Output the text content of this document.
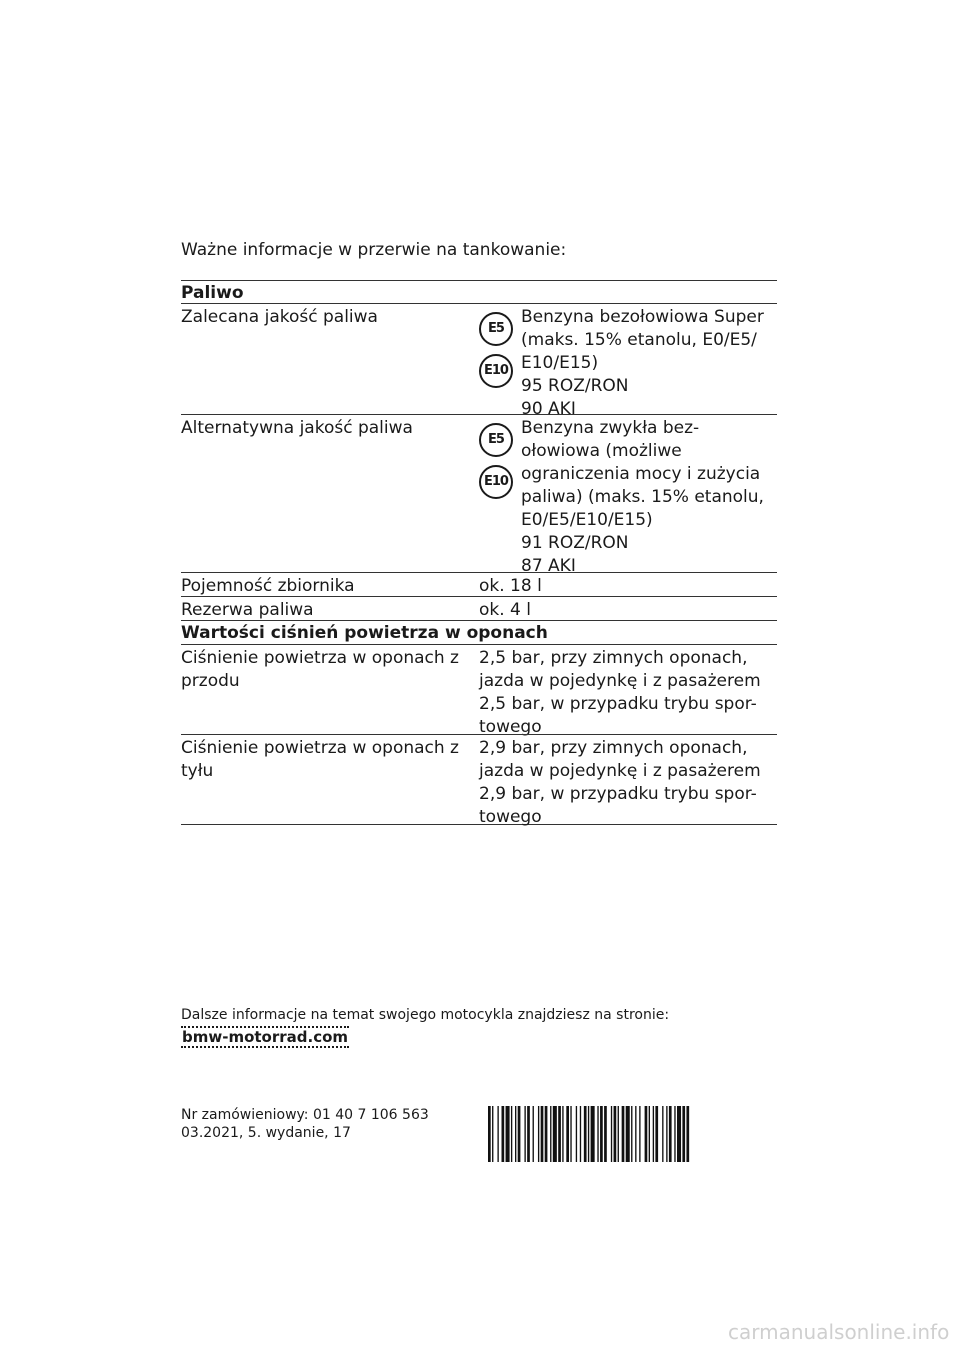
Ważne informacje w przerwie na tankowanie:
Paliwo
Zalecana jakość paliwa
E5
E10
Benzyna bezołowiowa Super
(maks. 15% etanolu, E0/E5/
E10/E15)
95 ROZ/RON
90 AKI
Alternatywna jakość paliwa
E5
E10
Benzyna zwykła bez-
ołowiowa (możliwe
ograniczenia mocy i zużycia
paliwa) (maks. 15% etanolu,
E0/E5/E10/E15)
91 ROZ/RON
87 AKI
Pojemność zbiornika	ok. 18 l
Rezerwa paliwa	ok. 4 l
Wartości ciśnień powietrza w oponach
Ciśnienie powietrza w oponach z
przodu
2,5 bar, przy zimnych oponach,
jazda w pojedynkę i z pasażerem
2,5 bar, w przypadku trybu spor-
towego
Ciśnienie powietrza w oponach z
tyłu
2,9 bar, przy zimnych oponach,
jazda w pojedynkę i z pasażerem
2,9 bar, w przypadku trybu spor-
towego
Dalsze informacje na temat swojego motocykla znajdziesz na stronie:
bmw-motorrad.com
Nr zamówieniowy: 01 40 7 106 563
03.2021, 5. wydanie, 17
carmanualsonline.info
